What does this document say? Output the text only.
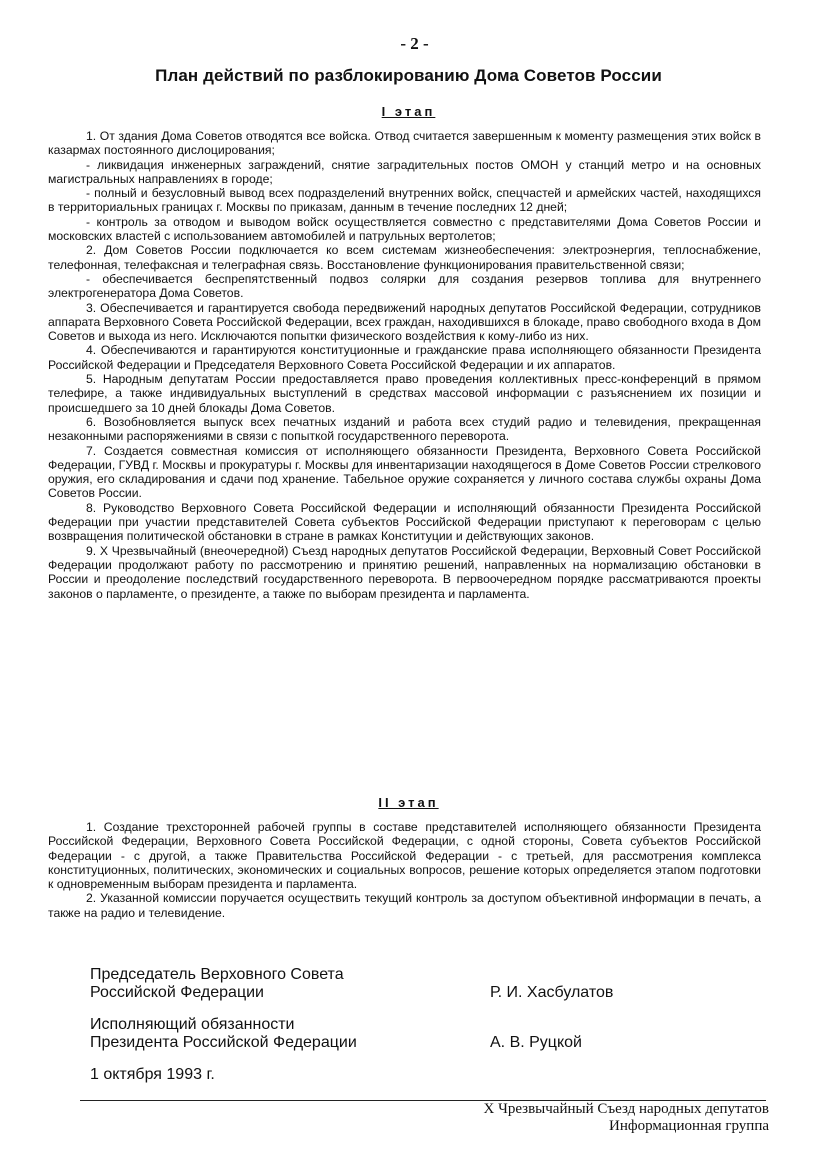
- 2 -
План действий по разблокированию Дома Советов России
I этап

1. От здания Дома Советов отводятся все войска. Отвод считается завершенным к моменту размещения этих войск в казармах постоянного дислоцирования;

- ликвидация инженерных заграждений, снятие заградительных постов ОМОН у станций метро и на основных магистральных направлениях в городе;

- полный и безусловный вывод всех подразделений внутренних войск, спецчастей и армейских частей, находящихся в территориальных границах г. Москвы по приказам, данным в течение последних 12 дней;

- контроль за отводом и выводом войск осуществляется совместно с представителями Дома Советов России и московских властей с использованием автомобилей и патрульных вертолетов;

2. Дом Советов России подключается ко всем системам жизнеобеспечения: электроэнергия, теплоснабжение, телефонная, телефаксная и телеграфная связь. Восстановление функционирования правительственной связи;

- обеспечивается беспрепятственный подвоз солярки для создания резервов топлива для внутреннего электрогенератора Дома Советов.

3. Обеспечивается и гарантируется свобода передвижений народных депутатов Российской Федерации, сотрудников аппарата Верховного Совета Российской Федерации, всех граждан, находившихся в блокаде, право свободного входа в Дом Советов и выхода из него. Исключаются попытки физического воздействия к кому-либо из них.

4. Обеспечиваются и гарантируются конституционные и гражданские права исполняющего обязанности Президента Российской Федерации и Председателя Верховного Совета Российской Федерации и их аппаратов.

5. Народным депутатам России предоставляется право проведения коллективных пресс-конференций в прямом телефире, а также индивидуальных выступлений в средствах массовой информации с разъяснением их позиции и происшедшего за 10 дней блокады Дома Советов.

6. Возобновляется выпуск всех печатных изданий и работа всех студий радио и телевидения, прекращенная незаконными распоряжениями в связи с попыткой государственного переворота.

7. Создается совместная комиссия от исполняющего обязанности Президента, Верховного Совета Российской Федерации, ГУВД г. Москвы и прокуратуры г. Москвы для инвентаризации находящегося в Доме Советов России стрелкового оружия, его складирования и сдачи под хранение. Табельное оружие сохраняется у личного состава службы охраны Дома Советов России.

8. Руководство Верховного Совета Российской Федерации и исполняющий обязанности Президента Российской Федерации при участии представителей Совета субъектов Российской Федерации приступают к переговорам с целью возвращения политической обстановки в стране в рамках Конституции и действующих законов.

9. X Чрезвычайный (внеочередной) Съезд народных депутатов Российской Федерации, Верховный Совет Российской Федерации продолжают работу по рассмотрению и принятию решений, направленных на нормализацию обстановки в России и преодоление последствий государственного переворота. В первоочередном порядке рассматриваются проекты законов о парламенте, о президенте, а также по выборам президента и парламента.

II этап

1. Создание трехсторонней рабочей группы в составе представителей исполняющего обязанности Президента Российской Федерации, Верховного Совета Российской Федерации, с одной стороны, Совета субъектов Российской Федерации - с другой, а также Правительства Российской Федерации - с третьей, для рассмотрения комплекса конституционных, политических, экономических и социальных вопросов, решение которых определяется этапом подготовки к одновременным выборам президента и парламента.

2. Указанной комиссии поручается осуществить текущий контроль за доступом объективной информации в печать, а также на радио и телевидение.

Председатель Верховного Совета
Российской Федерации	Р. И. Хасбулатов
Исполняющий обязанности
Президента Российской Федерации	А. В. Руцкой
1 октября 1993 г.
X Чрезвычайный Съезд народных депутатов
Информационная группа
